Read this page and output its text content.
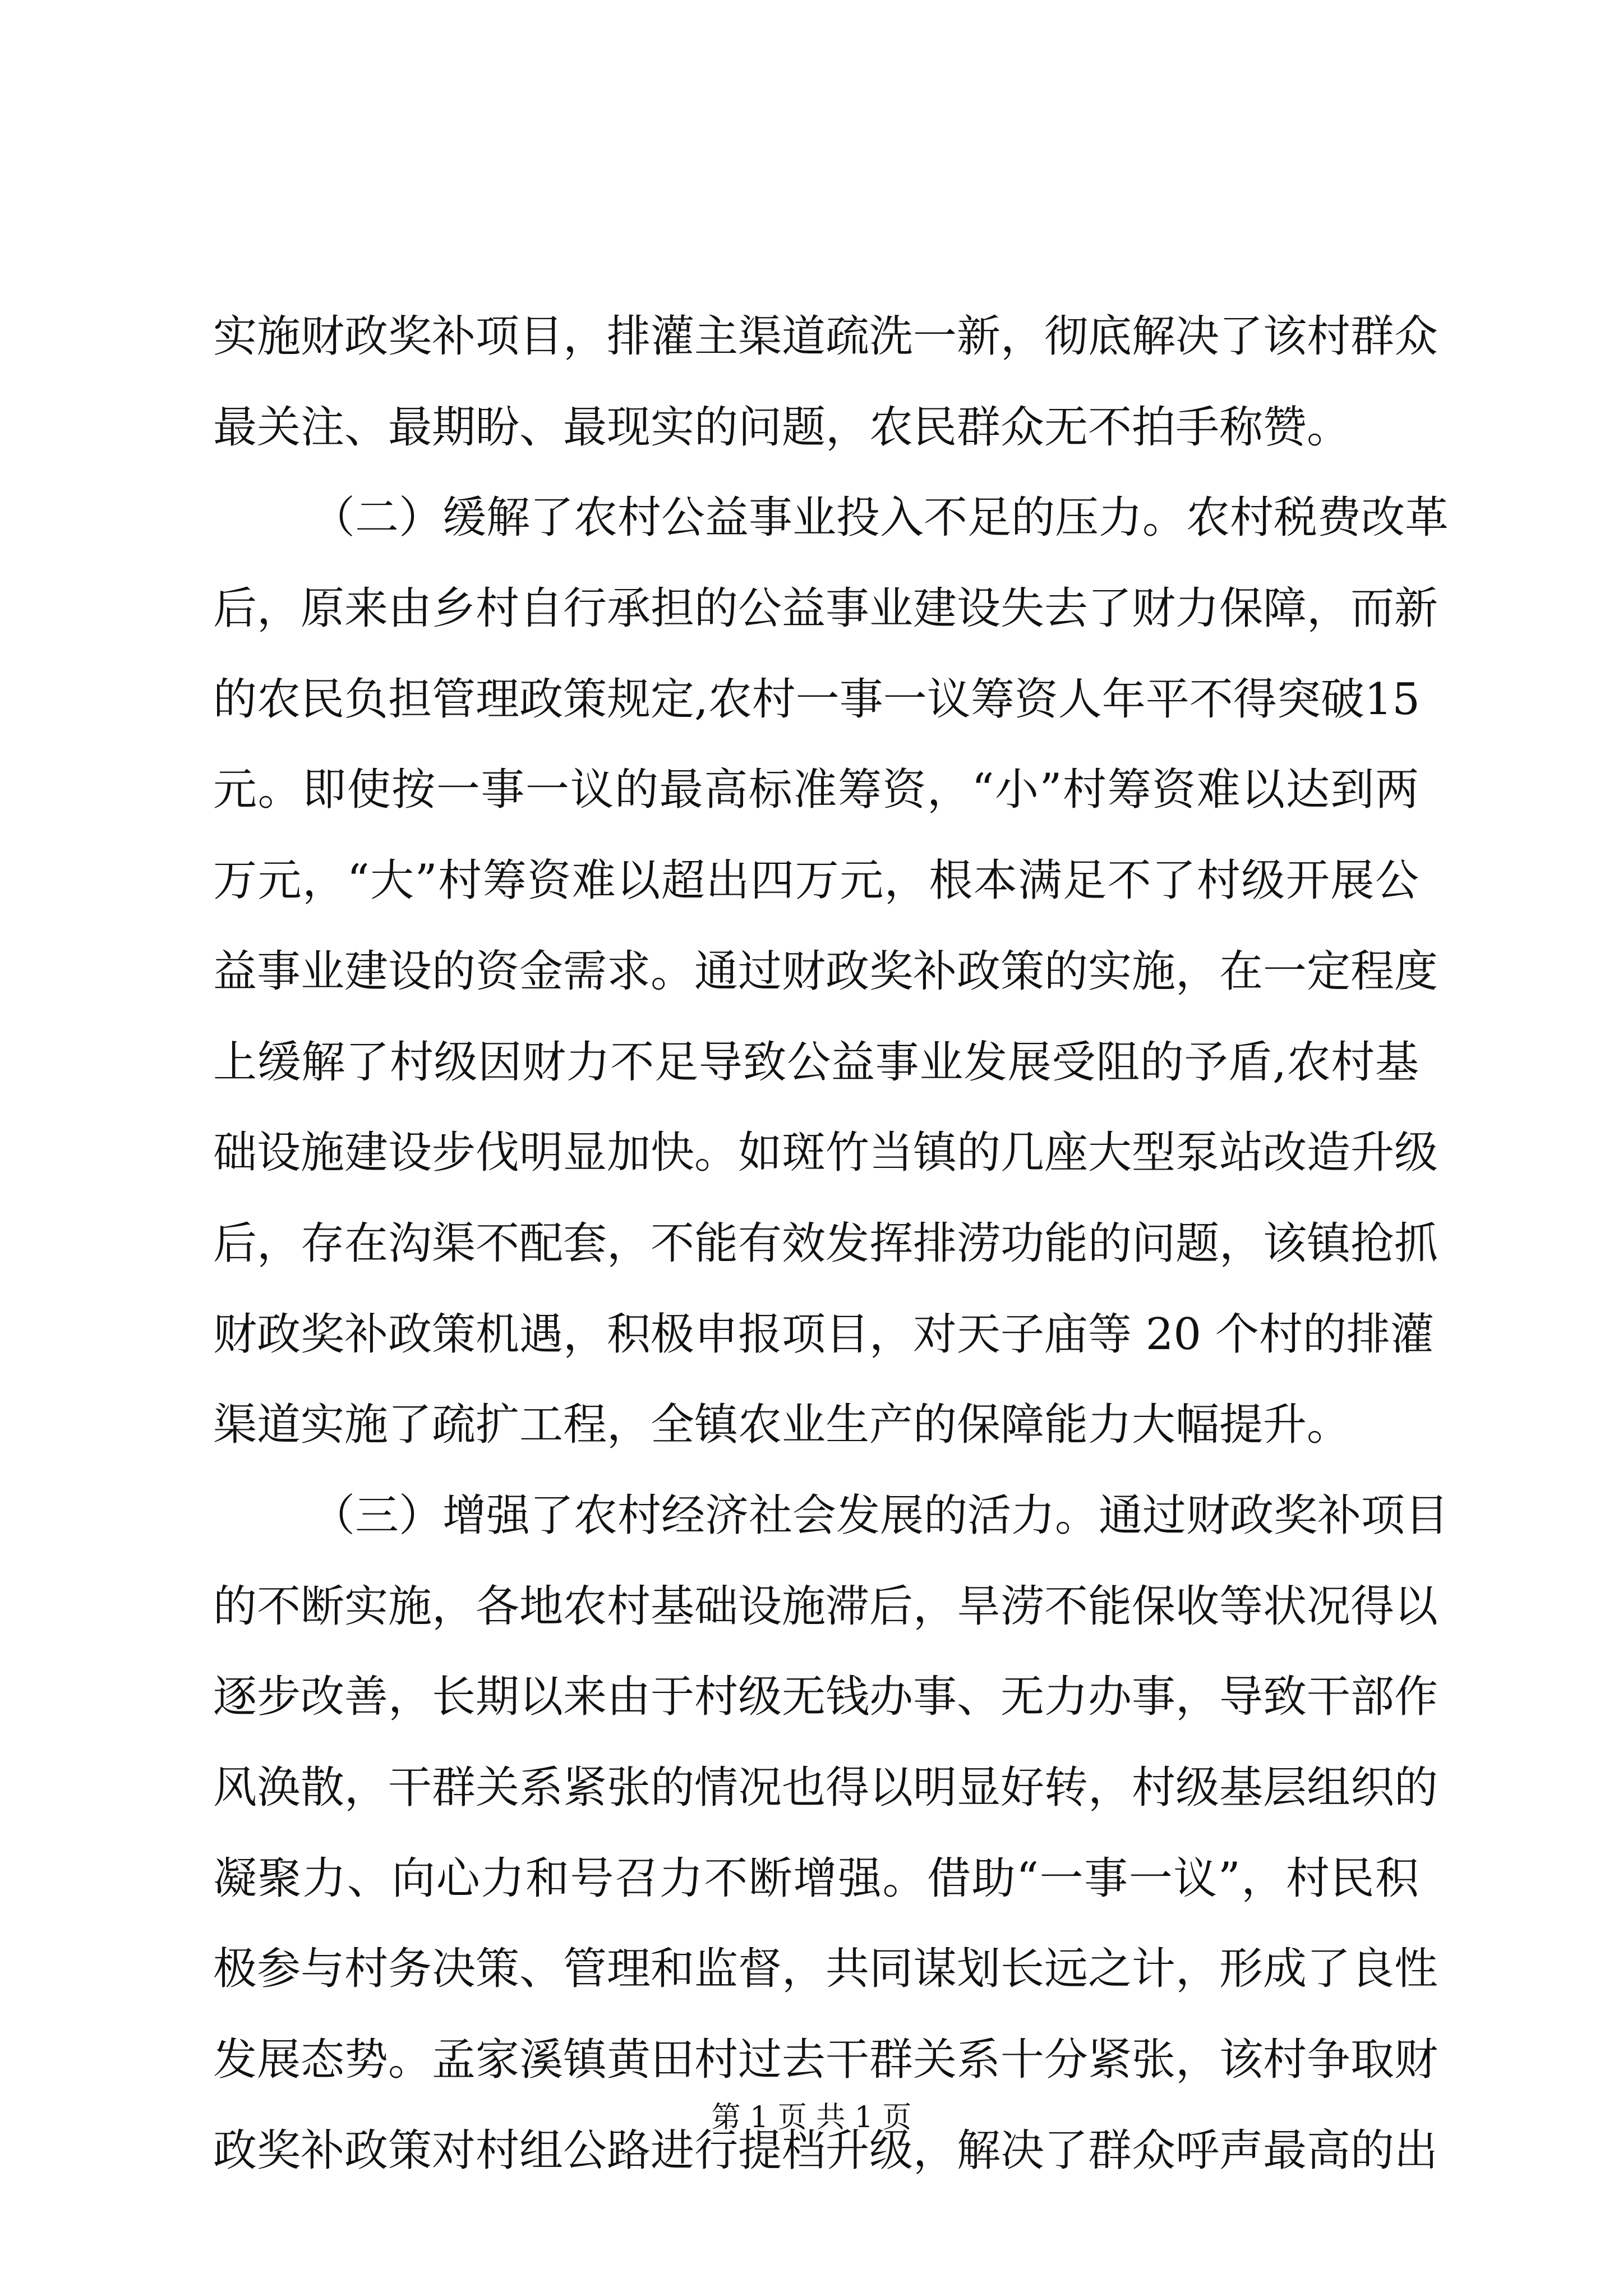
实施财政奖补项目，排灌主渠道疏洗一新，彻底解决了该村群众
最关注、最期盼、最现实的问题，农民群众无不拍手称赞。
（二）缓解了农村公益事业投入不足的压力。农村税费改革
后，原来由乡村自行承担的公益事业建设失去了财力保障，而新
的农民负担管理政策规定,农村一事一议筹资人年平不得突破15
元。即使按一事一议的最高标准筹资，“小”村筹资难以达到两
万元，“大”村筹资难以超出四万元，根本满足不了村级开展公
益事业建设的资金需求。通过财政奖补政策的实施，在一定程度
上缓解了村级因财力不足导致公益事业发展受阻的予盾,农村基
础设施建设步伐明显加快。如斑竹当镇的几座大型泵站改造升级
后，存在沟渠不配套，不能有效发挥排涝功能的问题，该镇抢抓
财政奖补政策机遇，积极申报项目，对天子庙等 20 个村的排灌
渠道实施了疏扩工程，全镇农业生产的保障能力大幅提升。
（三）增强了农村经济社会发展的活力。通过财政奖补项目
的不断实施，各地农村基础设施滞后，旱涝不能保收等状况得以
逐步改善，长期以来由于村级无钱办事、无力办事，导致干部作
风涣散，干群关系紧张的情况也得以明显好转，村级基层组织的
凝聚力、向心力和号召力不断增强。借助“一事一议”，村民积
极参与村务决策、管理和监督，共同谋划长远之计，形成了良性
发展态势。孟家溪镇黄田村过去干群关系十分紧张，该村争取财
政奖补政策对村组公路进行提档升级，解决了群众呼声最高的出
第 1 页 共 1 页
